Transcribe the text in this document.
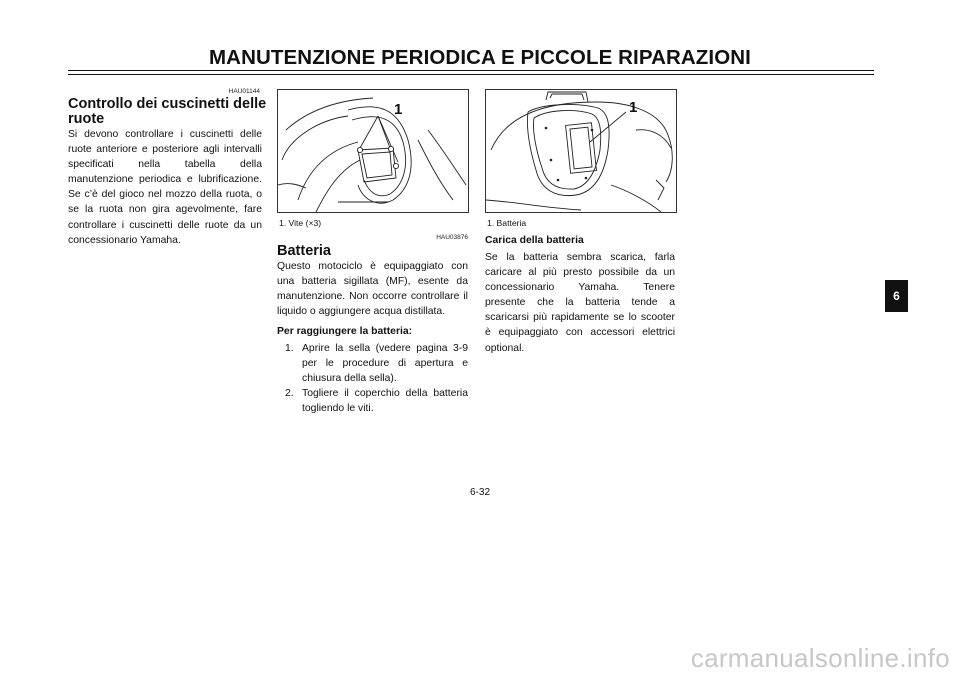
MANUTENZIONE PERIODICA E PICCOLE RIPARAZIONI
HAU01144
Controllo dei cuscinetti delle ruote
Si devono controllare i cuscinetti delle ruote anteriore e posteriore agli intervalli specificati nella tabella della manutenzione periodica e lubrificazione. Se c’è del gioco nel mozzo della ruota, o se la ruota non gira agevolmente, fare controllare i cuscinetti delle ruote da un concessionario Yamaha.
1
1. Vite (×3)
HAU03876
Batteria
Questo motociclo è equipaggiato con una batteria sigillata (MF), esente da manutenzione. Non occorre controllare il liquido o aggiungere acqua distillata.
Per raggiungere la batteria:
1. Aprire la sella (vedere pagina 3-9 per le procedure di apertura e chiusura della sella).
2. Togliere il coperchio della batteria togliendo le viti.
1
1. Batteria
Carica della batteria
Se la batteria sembra scarica, farla caricare al più presto possibile da un concessionario Yamaha. Tenere presente che la batteria tende a scaricarsi più rapidamente se lo scooter è equipaggiato con accessori elettrici optional.
6
6-32
carmanualsonline.info
